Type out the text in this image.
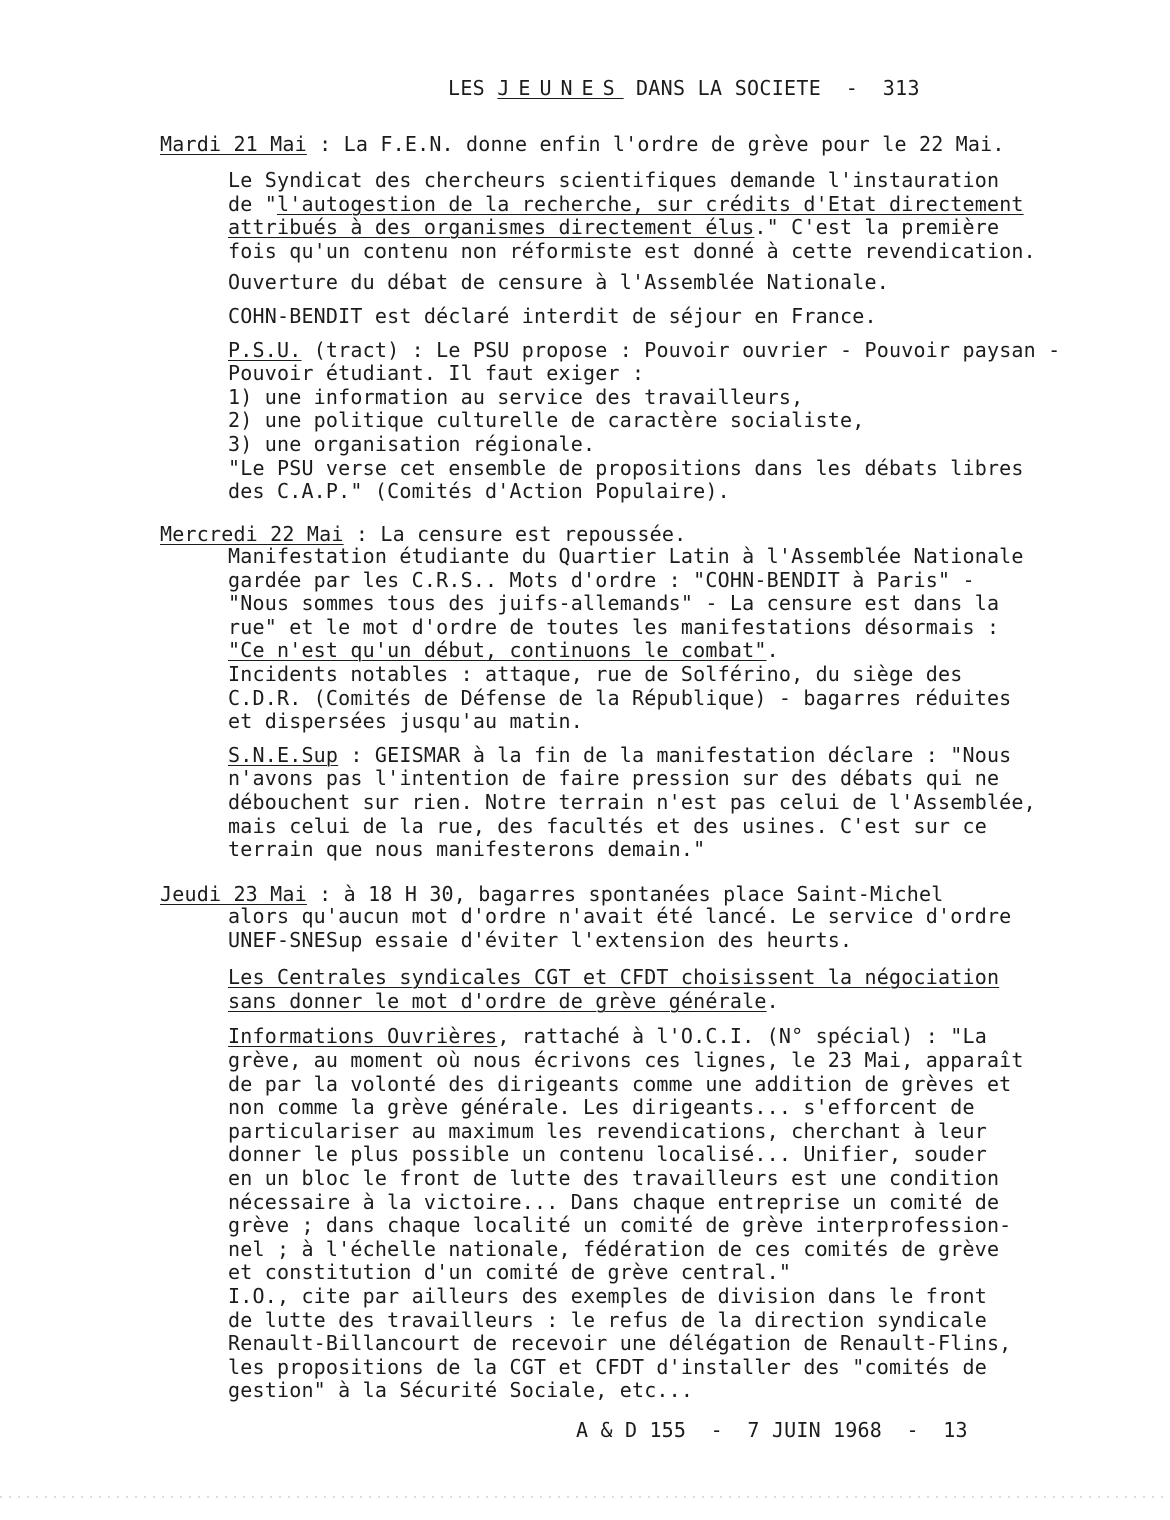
LES JEUNES DANS LA SOCIETE  -  313
Mardi 21 Mai : La F.E.N. donne enfin l'ordre de grève pour le 22 Mai.
Le Syndicat des chercheurs scientifiques demande l'instauration
de "l'autogestion de la recherche, sur crédits d'Etat directement
attribués à des organismes directement élus." C'est la première
fois qu'un contenu non réformiste est donné à cette revendication.
Ouverture du débat de censure à l'Assemblée Nationale.
COHN-BENDIT est déclaré interdit de séjour en France.
P.S.U. (tract) : Le PSU propose : Pouvoir ouvrier - Pouvoir paysan -
Pouvoir étudiant. Il faut exiger :
1) une information au service des travailleurs,
2) une politique culturelle de caractère socialiste,
3) une organisation régionale.
"Le PSU verse cet ensemble de propositions dans les débats libres
des C.A.P." (Comités d'Action Populaire).
Mercredi 22 Mai : La censure est repoussée.
Manifestation étudiante du Quartier Latin à l'Assemblée Nationale
gardée par les C.R.S.. Mots d'ordre : "COHN-BENDIT à Paris" -
"Nous sommes tous des juifs-allemands" - La censure est dans la
rue" et le mot d'ordre de toutes les manifestations désormais :
"Ce n'est qu'un début, continuons le combat".
Incidents notables : attaque, rue de Solférino, du siège des
C.D.R. (Comités de Défense de la République) - bagarres réduites
et dispersées jusqu'au matin.
S.N.E.Sup : GEISMAR à la fin de la manifestation déclare : "Nous
n'avons pas l'intention de faire pression sur des débats qui ne
débouchent sur rien. Notre terrain n'est pas celui de l'Assemblée,
mais celui de la rue, des facultés et des usines. C'est sur ce
terrain que nous manifesterons demain."
Jeudi 23 Mai : à 18 H 30, bagarres spontanées place Saint-Michel
alors qu'aucun mot d'ordre n'avait été lancé. Le service d'ordre
UNEF-SNESup essaie d'éviter l'extension des heurts.
Les Centrales syndicales CGT et CFDT choisissent la négociation
sans donner le mot d'ordre de grève générale.
Informations Ouvrières, rattaché à l'O.C.I. (N° spécial) : "La
grève, au moment où nous écrivons ces lignes, le 23 Mai, apparaît
de par la volonté des dirigeants comme une addition de grèves et
non comme la grève générale. Les dirigeants... s'efforcent de
particulariser au maximum les revendications, cherchant à leur
donner le plus possible un contenu localisé... Unifier, souder
en un bloc le front de lutte des travailleurs est une condition
nécessaire à la victoire... Dans chaque entreprise un comité de
grève ; dans chaque localité un comité de grève interprofession-
nel ; à l'échelle nationale, fédération de ces comités de grève
et constitution d'un comité de grève central."
I.O., cite par ailleurs des exemples de division dans le front
de lutte des travailleurs : le refus de la direction syndicale
Renault-Billancourt de recevoir une délégation de Renault-Flins,
les propositions de la CGT et CFDT d'installer des "comités de
gestion" à la Sécurité Sociale, etc...
A & D 155  -  7 JUIN 1968  -  13
